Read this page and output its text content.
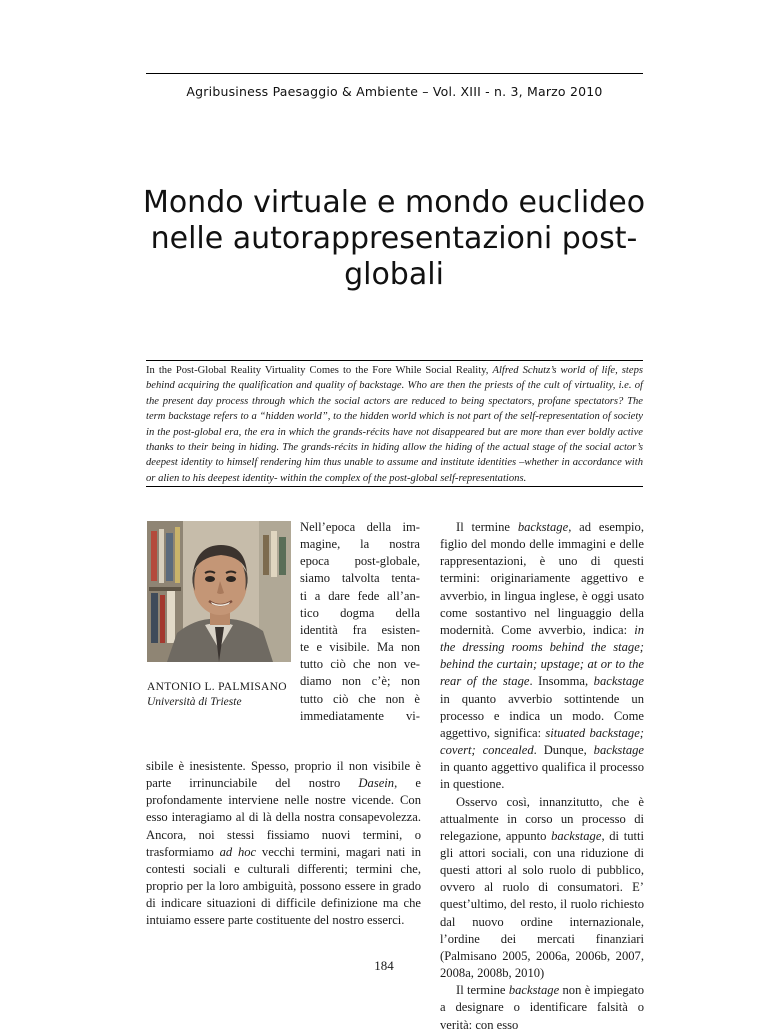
Agribusiness Paesaggio & Ambiente – Vol. XIII - n. 3, Marzo 2010
Mondo virtuale e mondo euclideo
nelle autorappresentazioni post-globali

In the Post-Global Reality Virtuality Comes to the Fore While Social Reality, Alfred Schutz’s world of life, steps behind acquiring the qualification and quality of backstage. Who are then the priests of the cult of virtuality, i.e. of the present day process through which the social actors are reduced to being spectators, profane spectators? The term backstage refers to a “hidden world”, to the hidden world which is not part of the self-representation of society in the post-global era, the era in which the grands-récits have not disappeared but are more than ever boldly active thanks to their being in hiding. The grands-récits in hiding allow the hiding of the actual stage of the social actor’s deepest identity to himself rendering him thus unable to assume and institute identities –whether in accordance with or alien to his deepest identity- within the complex of the post-global self-representations.

Nell’epoca della im-
magine, la nostra
epoca post-globale,
siamo talvolta tenta-
ti a dare fede all’an-
tico dogma della
identità fra esisten-
te e visibile. Ma non
tutto ciò che non ve-
diamo non c’è; non
tutto ciò che non è
immediatamente vi-
ANTONIO L. PALMISANO
Università di Trieste

sibile è inesistente. Spesso, proprio il non visibile è parte irrinunciabile del nostro Dasein, e profondamente interviene nelle nostre vicende. Con esso interagiamo al di là della nostra consapevolezza. Ancora, noi stessi fissiamo nuovi termini, o trasformiamo ad hoc vecchi termini, magari nati in contesti sociali e culturali differenti; termini che, proprio per la loro ambiguità, possono essere in grado di indicare situazioni di difficile definizione ma che intuiamo essere parte costituente del nostro esserci.

Il termine backstage, ad esempio, figlio del mondo delle immagini e delle rappresentazioni, è uno di questi termini: originariamente aggettivo e avverbio, in lingua inglese, è oggi usato come sostantivo nel linguaggio della modernità. Come avverbio, indica: in the dressing rooms behind the stage; behind the curtain; upstage; at or to the rear of the stage. Insomma, backstage in quanto avverbio sottintende un processo e indica un modo. Come aggettivo, significa: situated backstage; covert; concealed. Dunque, backstage in quanto aggettivo qualifica il processo in questione.

Osservo così, innanzitutto, che è attualmente in corso un processo di relegazione, appunto backstage, di tutti gli attori sociali, con una riduzione di questi attori al solo ruolo di pubblico, ovvero al ruolo di consumatori. E’ quest’ultimo, del resto, il ruolo richiesto dal nuovo ordine internazionale, l’ordine dei mercati finanziari (Palmisano 2005, 2006a, 2006b, 2007, 2008a, 2008b, 2010)

Il termine backstage non è impiegato a designare o identificare falsità o verità: con esso

184
